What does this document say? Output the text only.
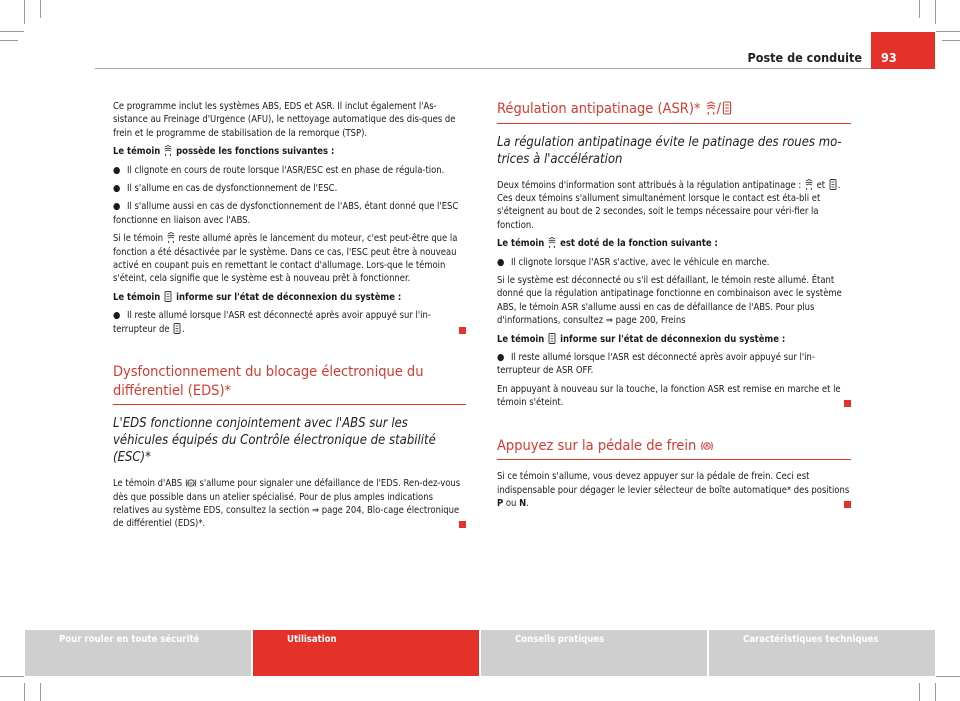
Poste de conduite	93

Ce programme inclut les systèmes ABS, EDS et ASR. Il inclut également l'As-sistance au Freinage d'Urgence (AFU), le nettoyage automatique des dis-ques de frein et le programme de stabilisation de la remorque (TSP).

Le témoin possède les fonctions suivantes :

● Il clignote en cours de route lorsque l'ASR/ESC est en phase de régula-tion.

● Il s'allume en cas de dysfonctionnement de l'ESC.

● Il s'allume aussi en cas de dysfonctionnement de l'ABS, étant donné que l'ESC fonctionne en liaison avec l'ABS.

Si le témoin reste allumé après le lancement du moteur, c'est peut-être que la fonction a été désactivée par le système. Dans ce cas, l'ESC peut être à nouveau activé en coupant puis en remettant le contact d'allumage. Lors-que le témoin s'éteint, cela signifie que le système est à nouveau prêt à fonctionner.

Le témoin informe sur l'état de déconnexion du système :

● Il reste allumé lorsque l'ASR est déconnecté après avoir appuyé sur l'in-terrupteur de .

Dysfonctionnement du blocage électronique du différentiel (EDS)*
L'EDS fonctionne conjointement avec l'ABS sur les véhicules équipés du Contrôle électronique de stabilité (ESC)*

Le témoin d'ABS ABS s'allume pour signaler une défaillance de l'EDS. Ren-dez-vous dès que possible dans un atelier spécialisé. Pour de plus amples indications relatives au système EDS, consultez la section ⇒ page 204, Blo-cage électronique de différentiel (EDS)*.

Régulation antipatinage (ASR)* /
La régulation antipatinage évite le patinage des roues mo-trices à l'accélération

Deux témoins d'information sont attribués à la régulation antipatinage : et . Ces deux témoins s'allument simultanément lorsque le contact est éta-bli et s'éteignent au bout de 2 secondes, soit le temps nécessaire pour véri-fier la fonction.

Le témoin est doté de la fonction suivante :

● Il clignote lorsque l'ASR s'active, avec le véhicule en marche.

Si le système est déconnecté ou s'il est défaillant, le témoin reste allumé. Étant donné que la régulation antipatinage fonctionne en combinaison avec le système ABS, le témoin ASR s'allume aussi en cas de défaillance de l'ABS. Pour plus d'informations, consultez ⇒ page 200, Freins

Le témoin informe sur l'état de déconnexion du système :

● Il reste allumé lorsque l'ASR est déconnecté après avoir appuyé sur l'in-terrupteur de ASR OFF.

En appuyant à nouveau sur la touche, la fonction ASR est remise en marche et le témoin s'éteint.

Appuyez sur la pédale de frein

Si ce témoin s'allume, vous devez appuyer sur la pédale de frein. Ceci est indispensable pour dégager le levier sélecteur de boîte automatique* des positions P ou N.

Pour rouler en toute sécurité	Utilisation	Conseils pratiques	Caractéristiques techniques
